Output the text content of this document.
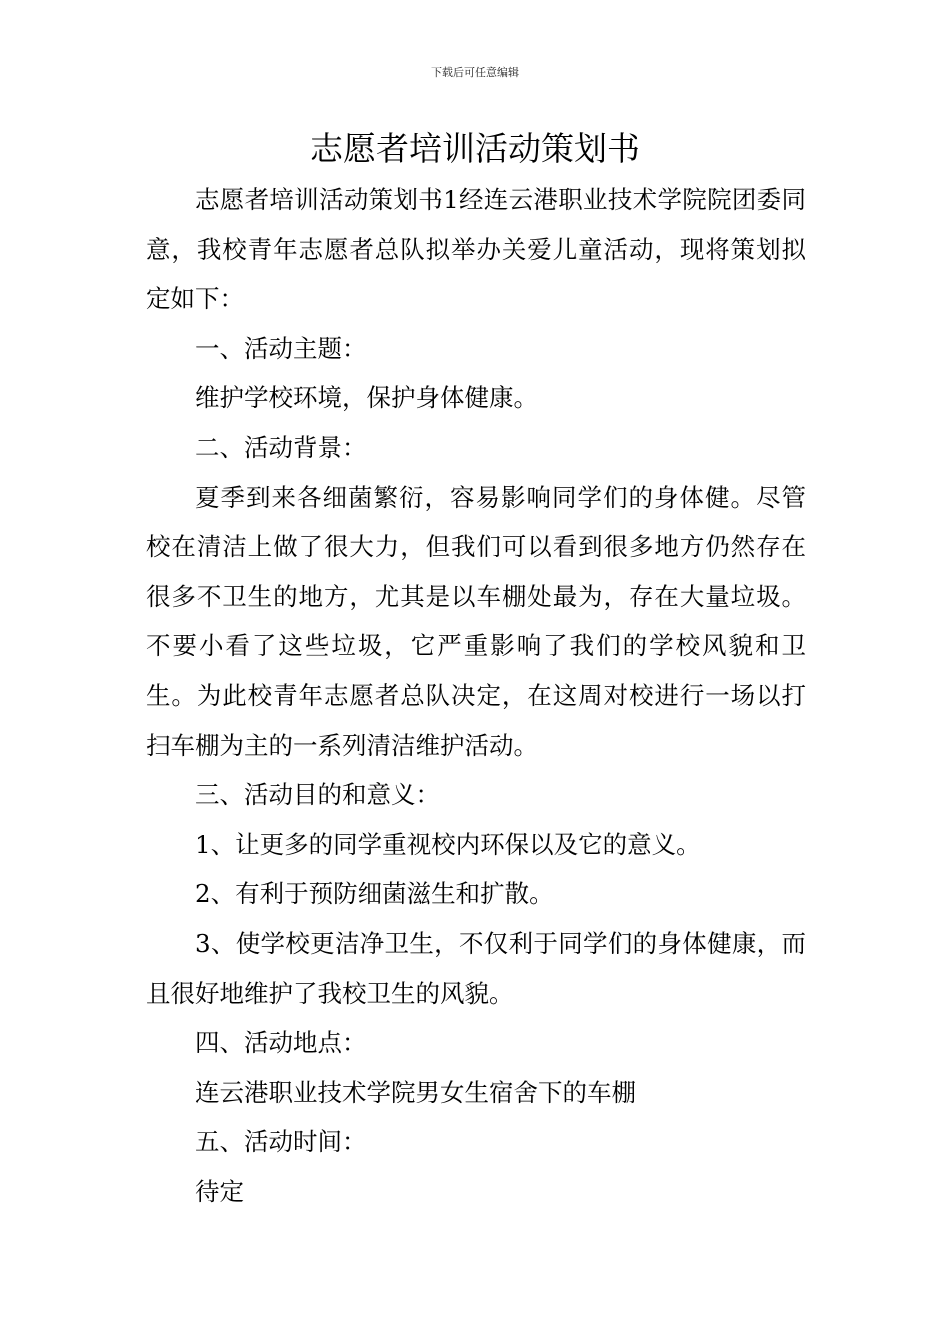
下载后可任意编辑
志愿者培训活动策划书

志愿者培训活动策划书1经连云港职业技术学院院团委同意，我校青年志愿者总队拟举办关爱儿童活动，现将策划拟定如下：

一、活动主题：

维护学校环境，保护身体健康。

二、活动背景：

夏季到来各细菌繁衍，容易影响同学们的身体健。尽管校在清洁上做了很大力，但我们可以看到很多地方仍然存在很多不卫生的地方，尤其是以车棚处最为，存在大量垃圾。不要小看了这些垃圾，它严重影响了我们的学校风貌和卫生。为此校青年志愿者总队决定，在这周对校进行一场以打扫车棚为主的一系列清洁维护活动。

三、活动目的和意义：

1、让更多的同学重视校内环保以及它的意义。

2、有利于预防细菌滋生和扩散。

3、使学校更洁净卫生，不仅利于同学们的身体健康，而且很好地维护了我校卫生的风貌。

四、活动地点：

连云港职业技术学院男女生宿舍下的车棚

五、活动时间：

待定
